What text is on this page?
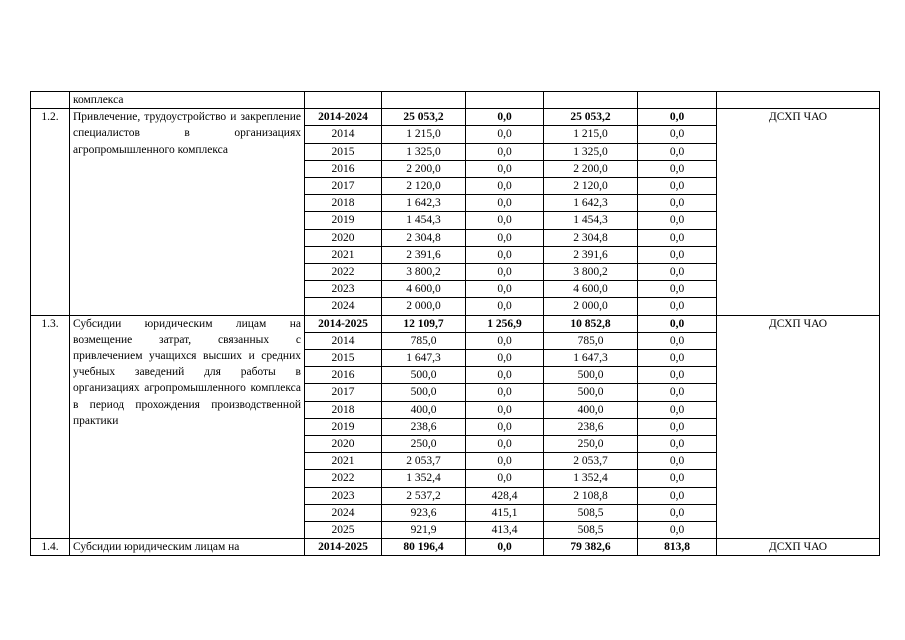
	комплекса						
1.2.	Привлечение, трудоустройство и закрепление специалистов в организациях агропромышленного комплекса	2014-2024	25 053,2	0,0	25 053,2	0,0	ДСХП ЧАО
		2014	1 215,0	0,0	1 215,0	0,0	
		2015	1 325,0	0,0	1 325,0	0,0	
		2016	2 200,0	0,0	2 200,0	0,0	
		2017	2 120,0	0,0	2 120,0	0,0	
		2018	1 642,3	0,0	1 642,3	0,0	
		2019	1 454,3	0,0	1 454,3	0,0	
		2020	2 304,8	0,0	2 304,8	0,0	
		2021	2 391,6	0,0	2 391,6	0,0	
		2022	3 800,2	0,0	3 800,2	0,0	
		2023	4 600,0	0,0	4 600,0	0,0	
		2024	2 000,0	0,0	2 000,0	0,0	
1.3.	Субсидии юридическим лицам на возмещение затрат, связанных с привлечением учащихся высших и средних учебных заведений для работы в организациях агропромышленного комплекса в период прохождения производственной практики	2014-2025	12 109,7	1 256,9	10 852,8	0,0	ДСХП ЧАО
		2014	785,0	0,0	785,0	0,0	
		2015	1 647,3	0,0	1 647,3	0,0	
		2016	500,0	0,0	500,0	0,0	
		2017	500,0	0,0	500,0	0,0	
		2018	400,0	0,0	400,0	0,0	
		2019	238,6	0,0	238,6	0,0	
		2020	250,0	0,0	250,0	0,0	
		2021	2 053,7	0,0	2 053,7	0,0	
		2022	1 352,4	0,0	1 352,4	0,0	
		2023	2 537,2	428,4	2 108,8	0,0	
		2024	923,6	415,1	508,5	0,0	
		2025	921,9	413,4	508,5	0,0	
1.4.	Субсидии юридическим лицам на	2014-2025	80 196,4	0,0	79 382,6	813,8	ДСХП ЧАО
